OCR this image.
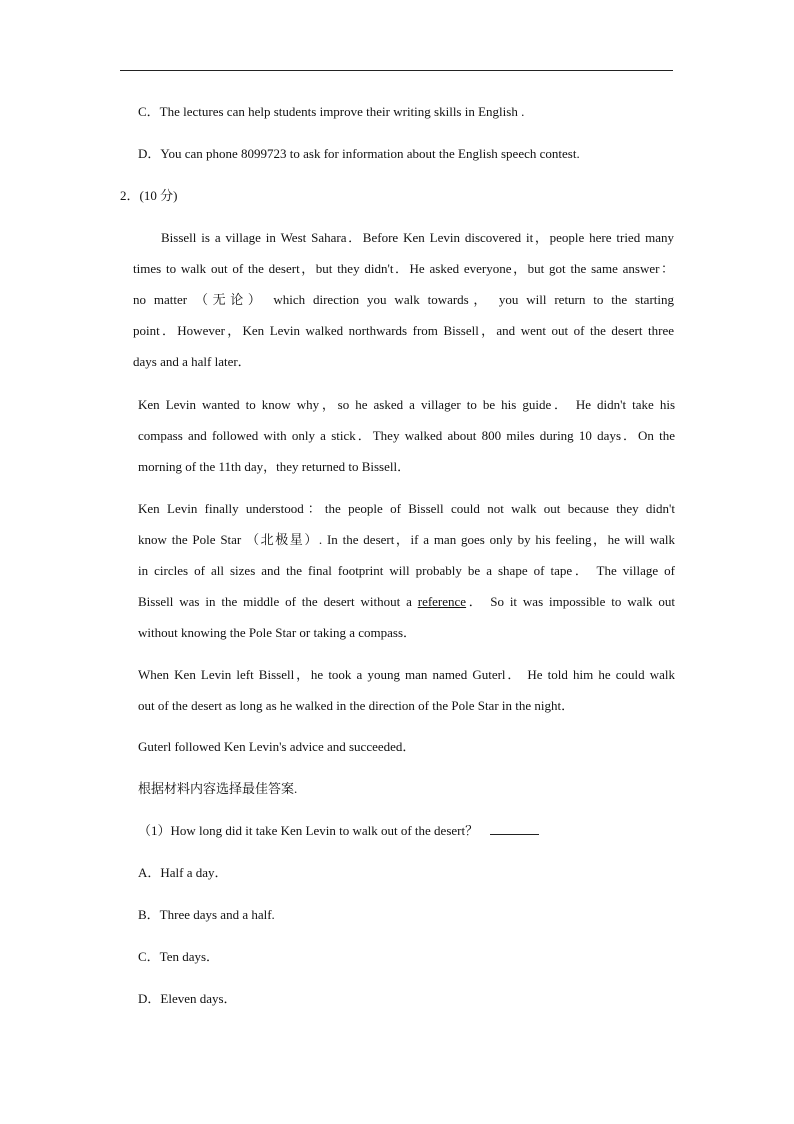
C．The lectures can help students improve their writing skills in English .
D．You can phone 8099723 to ask for information about the English speech contest.
2．(10 分)
Bissell is a village in West Sahara．Before Ken Levin discovered it，people here tried many
times to walk out of the desert，but they didn't．He asked everyone，but got the same answer：
no matter （无论） which direction you walk towards， you will return to the starting
point．However，Ken Levin walked northwards from Bissell，and went out of the desert three
days and a half later．
Ken Levin wanted to know why，so he asked a villager to be his guide． He didn't take his
compass and followed with only a stick．They walked about 800 miles during 10 days．On the
morning of the 11th day，they returned to Bissell．
Ken Levin finally understood：the people of Bissell could not walk out because they didn't
know the Pole Star （北极星）. In the desert，if a man goes only by his feeling，he will walk
in circles of all sizes and the final footprint will probably be a shape of tape． The village of
Bissell was in the middle of the desert without a reference． So it was impossible to walk out
without knowing the Pole Star or taking a compass．
When Ken Levin left Bissell，he took a young man named Guterl． He told him he could walk
out of the desert as long as he walked in the direction of the Pole Star in the night．
Guterl followed Ken Levin's advice and succeeded．
根据材料内容选择最佳答案.
（1）How long did it take Ken Levin to walk out of the desert？
A．Half a day．
B．Three days and a half.
C．Ten days．
D．Eleven days．
